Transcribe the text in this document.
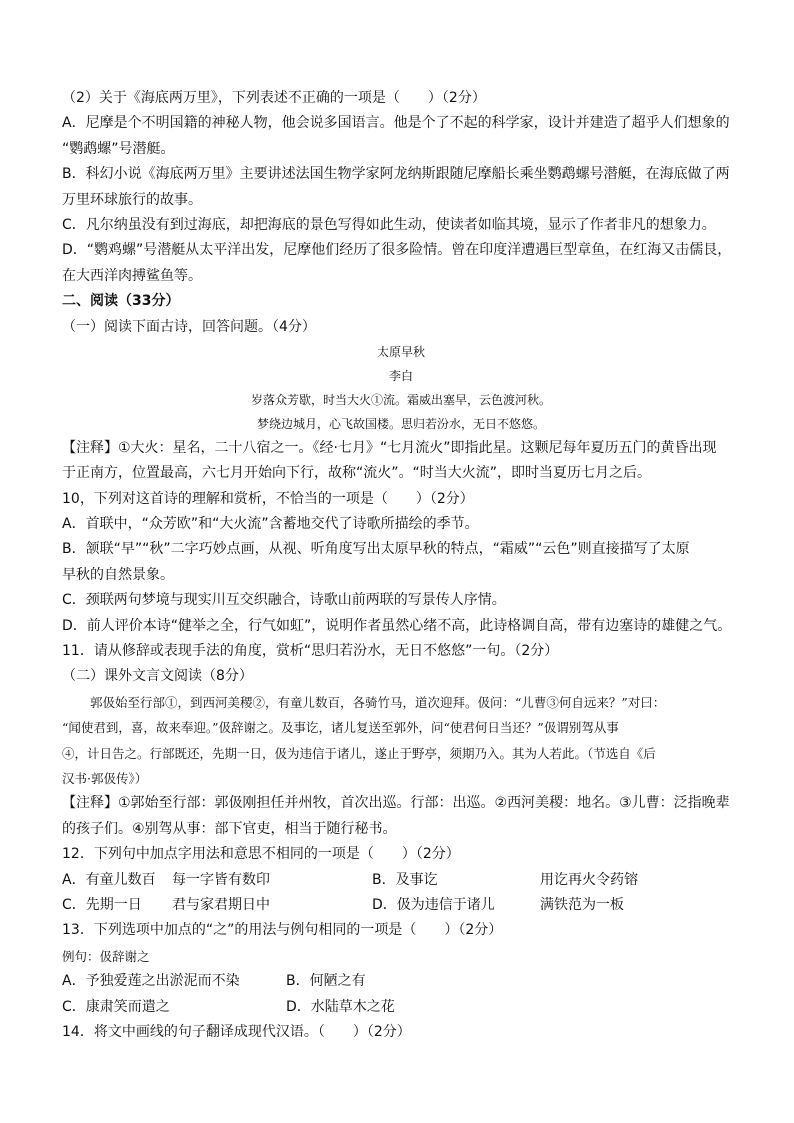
（2）关于《海底两万里》，下列表述不正确的一项是（　　）（2分）
A．尼摩是个不明国籍的神秘人物，他会说多国语言。他是个了不起的科学家，设计并建造了超乎人们想象的
“鹦鹉螺”号潜艇。
B．科幻小说《海底两万里》主要讲述法国生物学家阿龙纳斯跟随尼摩船长乘坐鹦鹉螺号潜艇，在海底做了两
万里环球旅行的故事。
C．凡尔纳虽没有到过海底，却把海底的景色写得如此生动，使读者如临其境，显示了作者非凡的想象力。
D．“鹦鸡螺”号潜艇从太平洋出发，尼摩他们经历了很多险情。曾在印度洋遭遇巨型章鱼，在红海又击儒艮，
在大西洋肉搏鲨鱼等。
二、阅读（33分）
（一）阅读下面古诗，回答问题。（4分）
太原早秋
李白
岁落众芳歇，时当大火①流。霜威出塞早，云色渡河秋。
梦绕边城月，心飞故国楼。思归若汾水，无日不悠悠。
【注释】①大火：星名，二十八宿之一。《经·七月》“七月流火”即指此星。这颗尼每年夏历五门的黄昏出现
于正南方，位置最高，六七月开始向下行，故称“流火”。“时当大火流”，即时当夏历七月之后。
10，下列对这首诗的理解和赏析，不恰当的一项是（　　）（2分）
A．首联中，“众芳欧”和“大火流”含蓄地交代了诗歌所描绘的季节。
B．颔联“早”“秋”二字巧妙点画，从视、听角度写出太原早秋的特点，“霜威”“云色”则直接描写了太原
早秋的自然景象。
C．颈联两句梦境与现实川互交织融合，诗歌山前两联的写景传人序情。
D．前人评价本诗“健举之全，行气如虹”，说明作者虽然心绪不高，此诗格调自高，带有边塞诗的雄健之气。
11．请从修辞或表现手法的角度，赏析“思归若汾水，无日不悠悠”一句。（2分）
（二）课外文言文阅读（8分）
郭伋始至行部①，到西河美稷②，有童儿数百，各骑竹马，道次迎拜。伋问：“儿曹③何自远来？”对曰：
“闻使君到，喜，故来奉迎。”伋辞谢之。及事讫，诸儿复送至郭外，问“使君何日当还？”伋谓别驾从事
④，计日告之。行部既还，先期一日，伋为违信于诸儿，遂止于野亭，须期乃入。其为人若此。（节选自《后
汉书·郭伋传》）
【注释】①郭始至行部：郭伋刚担任并州牧，首次出巡。行部：出巡。②西河美稷：地名。③儿曹：泛指晚辈
的孩子们。④别驾从事：部下官吏，相当于随行秘书。
12．下列句中加点字用法和意思不相同的一项是（　　）（2分）
A．有童儿数百	每一字皆有数印	B．及事讫	用讫再火令药镕
C．先期一日	君与家君期日中	D．伋为违信于诸儿	满铁范为一板
13．下列选项中加点的“之”的用法与例句相同的一项是（　　）（2分）
例句：伋辞谢之
A．予独爱莲之出淤泥而不染	B．何陋之有
C．康肃笑而遣之	D．水陆草木之花
14．将文中画线的句子翻译成现代汉语。（　　）（2分）
